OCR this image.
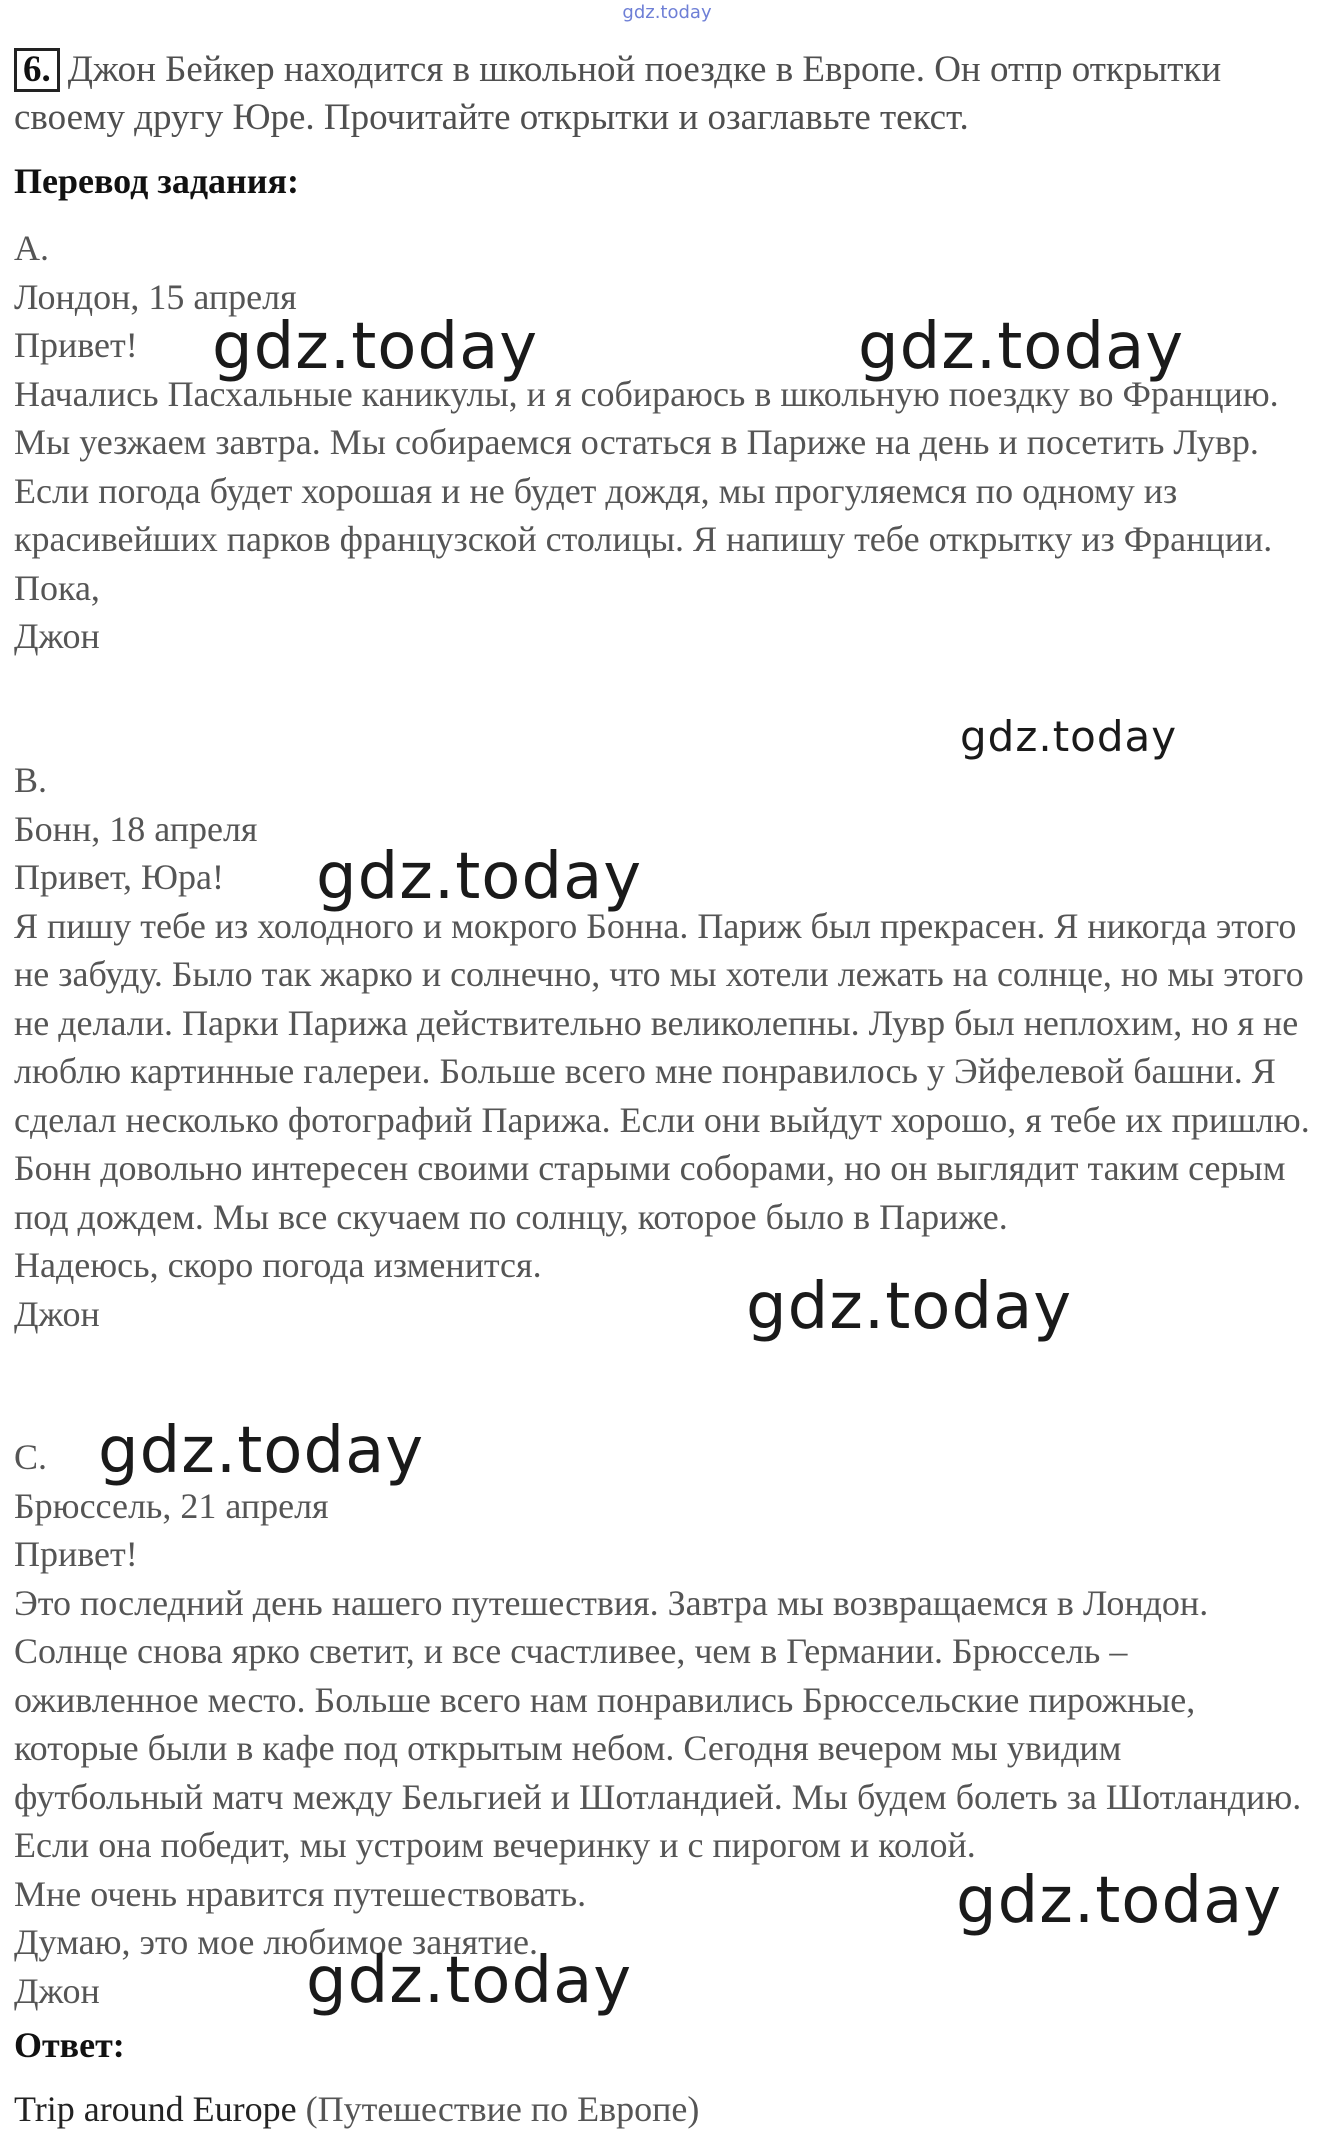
gdz.today
6. Джон Бейкер находится в школьной поездке в Европе. Он отпр открытки своему другу Юре. Прочитайте открытки и озаглавьте текст.
Перевод задания:
A.
Лондон, 15 апреля
Привет!
Начались Пасхальные каникулы, и я собираюсь в школьную поездку во Францию. Мы уезжаем завтра. Мы собираемся остаться в Париже на день и посетить Лувр. Если погода будет хорошая и не будет дождя, мы прогуляемся по одному из красивейших парков французской столицы. Я напишу тебе открытку из Франции.
Пока,
Джон
B.
Бонн, 18 апреля
Привет, Юра!
Я пишу тебе из холодного и мокрого Бонна. Париж был прекрасен. Я никогда этого не забуду. Было так жарко и солнечно, что мы хотели лежать на солнце, но мы этого не делали. Парки Парижа действительно великолепны. Лувр был неплохим, но я не люблю картинные галереи. Больше всего мне понравилось у Эйфелевой башни. Я сделал несколько фотографий Парижа. Если они выйдут хорошо, я тебе их пришлю.
Бонн довольно интересен своими старыми соборами, но он выглядит таким серым под дождем. Мы все скучаем по солнцу, которое было в Париже.
Надеюсь, скоро погода изменится.
Джон
C.
Брюссель, 21 апреля
Привет!
Это последний день нашего путешествия. Завтра мы возвращаемся в Лондон. Солнце снова ярко светит, и все счастливее, чем в Германии. Брюссель – оживленное место. Больше всего нам понравились Брюссельские пирожные, которые были в кафе под открытым небом. Сегодня вечером мы увидим футбольный матч между Бельгией и Шотландией. Мы будем болеть за Шотландию. Если она победит, мы устроим вечеринку и с пирогом и колой.
Мне очень нравится путешествовать.
Думаю, это мое любимое занятие.
Джон
Ответ:
Trip around Europe (Путешествие по Европе)
gdz.today	gdz.today
gdz.today
gdz.today
gdz.today
gdz.today
gdz.today
gdz.today
